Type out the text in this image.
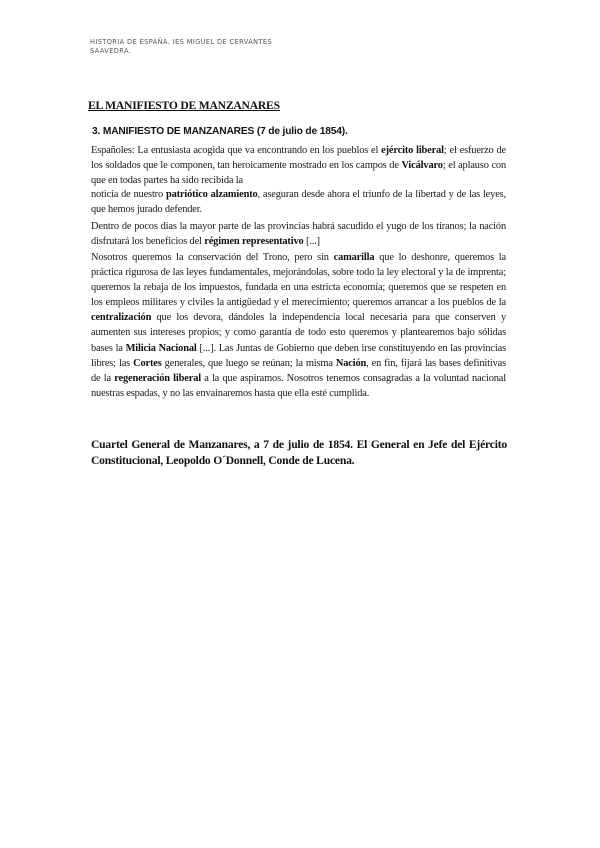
HISTORIA DE ESPAÑA. IES MIGUEL DE CERVANTES
SAAVEDRA.
EL MANIFIESTO DE MANZANARES
3. MANIFIESTO DE MANZANARES (7 de julio de 1854).

Españoles: La entusiasta acogida que va encontrando en los pueblos el ejército liberal; el esfuerzo de los soldados que le componen, tan heroicamente mostrado en los campos de Vicálvaro; el aplauso con que en todas partes ha sido recibida la

noticia de nuestro patriótico alzamiento, aseguran desde ahora el triunfo de la libertad y de las leyes, que hemos jurado defender.

Dentro de pocos días la mayor parte de las provincias habrá sacudido el yugo de los tiranos; la nación disfrutará los beneficios del régimen representativo [...]

Nosotros queremos la conservación del Trono, pero sin camarilla que lo deshonre, queremos la práctica rigurosa de las leyes fundamentales, mejorándolas, sobre todo la ley electoral y la de imprenta; queremos la rebaja de los impuestos, fundada en una estricta economía; queremos que se respeten en los empleos militares y civiles la antigüedad y el merecimiento; queremos arrancar a los pueblos de la centralización que los devora, dándoles la independencia local necesaria para que conserven y aumenten sus intereses propios; y como garantía de todo esto queremos y plantearemos bajo sólidas bases la Milicia Nacional [...]. Las Juntas de Gobierno que deben irse constituyendo en las provincias libres; las Cortes generales, que luego se reúnan; la misma Nación, en fin, fijará las bases definitivas de la regeneración liberal a la que aspiramos. Nosotros tenemos consagradas a la voluntad nacional nuestras espadas, y no las envainaremos hasta que ella esté cumplida.

Cuartel General de Manzanares, a 7 de julio de 1854. El General en Jefe del Ejército Constitucional, Leopoldo O´Donnell, Conde de Lucena.
